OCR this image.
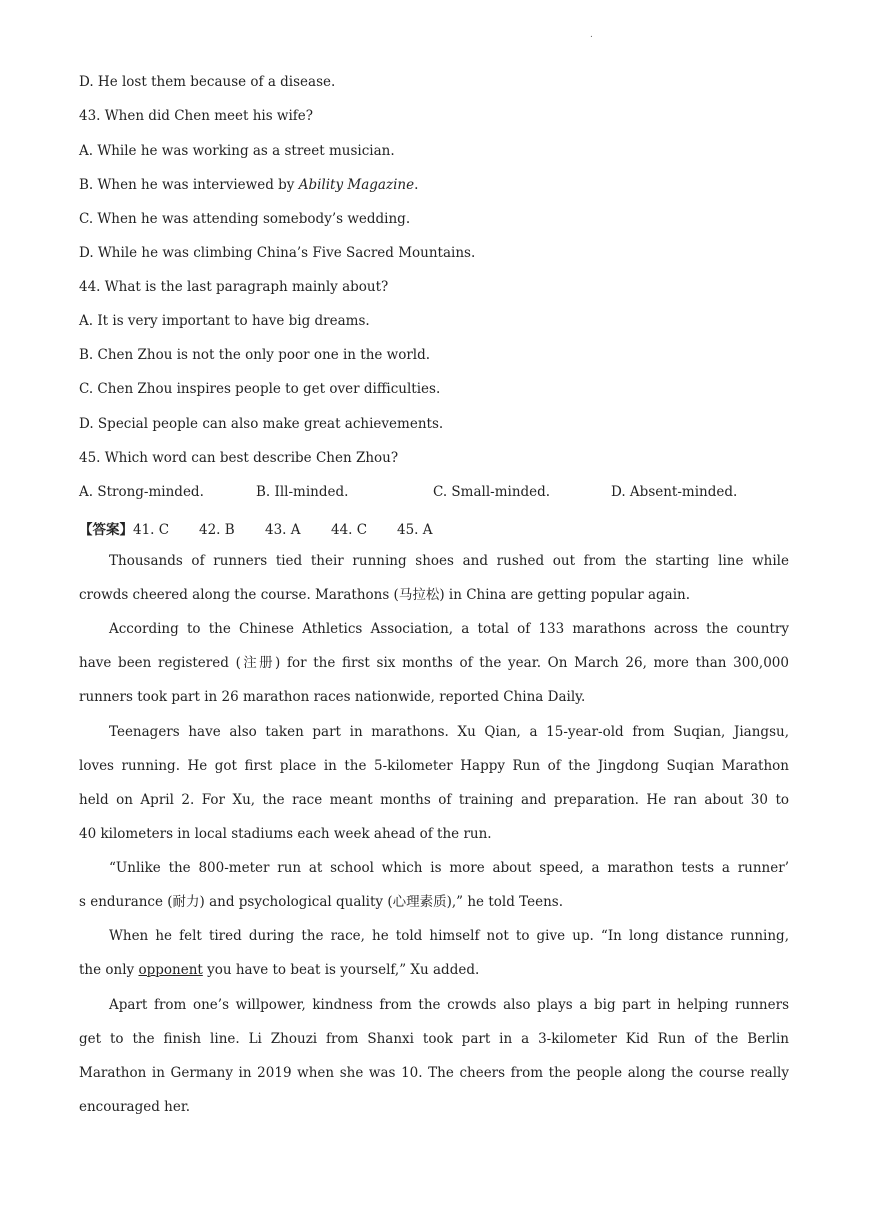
.
D. He lost them because of a disease.
43. When did Chen meet his wife?
A. While he was working as a street musician.
B. When he was interviewed by Ability Magazine.
C. When he was attending somebody’s wedding.
D. While he was climbing China’s Five Sacred Mountains.
44. What is the last paragraph mainly about?
A. It is very important to have big dreams.
B. Chen Zhou is not the only poor one in the world.
C. Chen Zhou inspires people to get over difficulties.
D. Special people can also make great achievements.
45. Which word can best describe Chen Zhou?
A. Strong-minded.	B. Ill-minded.	C. Small-minded.	D. Absent-minded.
【答案】41. C 42. B 43. A 44. C 45. A
Thousands of runners tied their running shoes and rushed out from the starting line while
crowds cheered along the course. Marathons (马拉松) in China are getting popular again.
According to the Chinese Athletics Association, a total of 133 marathons across the country
have been registered (注册) for the first six months of the year. On March 26, more than 300,000
runners took part in 26 marathon races nationwide, reported China Daily.
Teenagers have also taken part in marathons. Xu Qian, a 15-year-old from Suqian, Jiangsu,
loves running. He got first place in the 5-kilometer Happy Run of the Jingdong Suqian Marathon
held on April 2. For Xu, the race meant months of training and preparation. He ran about 30 to
40 kilometers in local stadiums each week ahead of the run.
“Unlike the 800-meter run at school which is more about speed, a marathon tests a runner’
s endurance (耐力) and psychological quality (心理素质),” he told Teens.
When he felt tired during the race, he told himself not to give up. “In long distance running,
the only opponent you have to beat is yourself,” Xu added.
Apart from one’s willpower, kindness from the crowds also plays a big part in helping runners
get to the finish line. Li Zhouzi from Shanxi took part in a 3-kilometer Kid Run of the Berlin
Marathon in Germany in 2019 when she was 10. The cheers from the people along the course really
encouraged her.
